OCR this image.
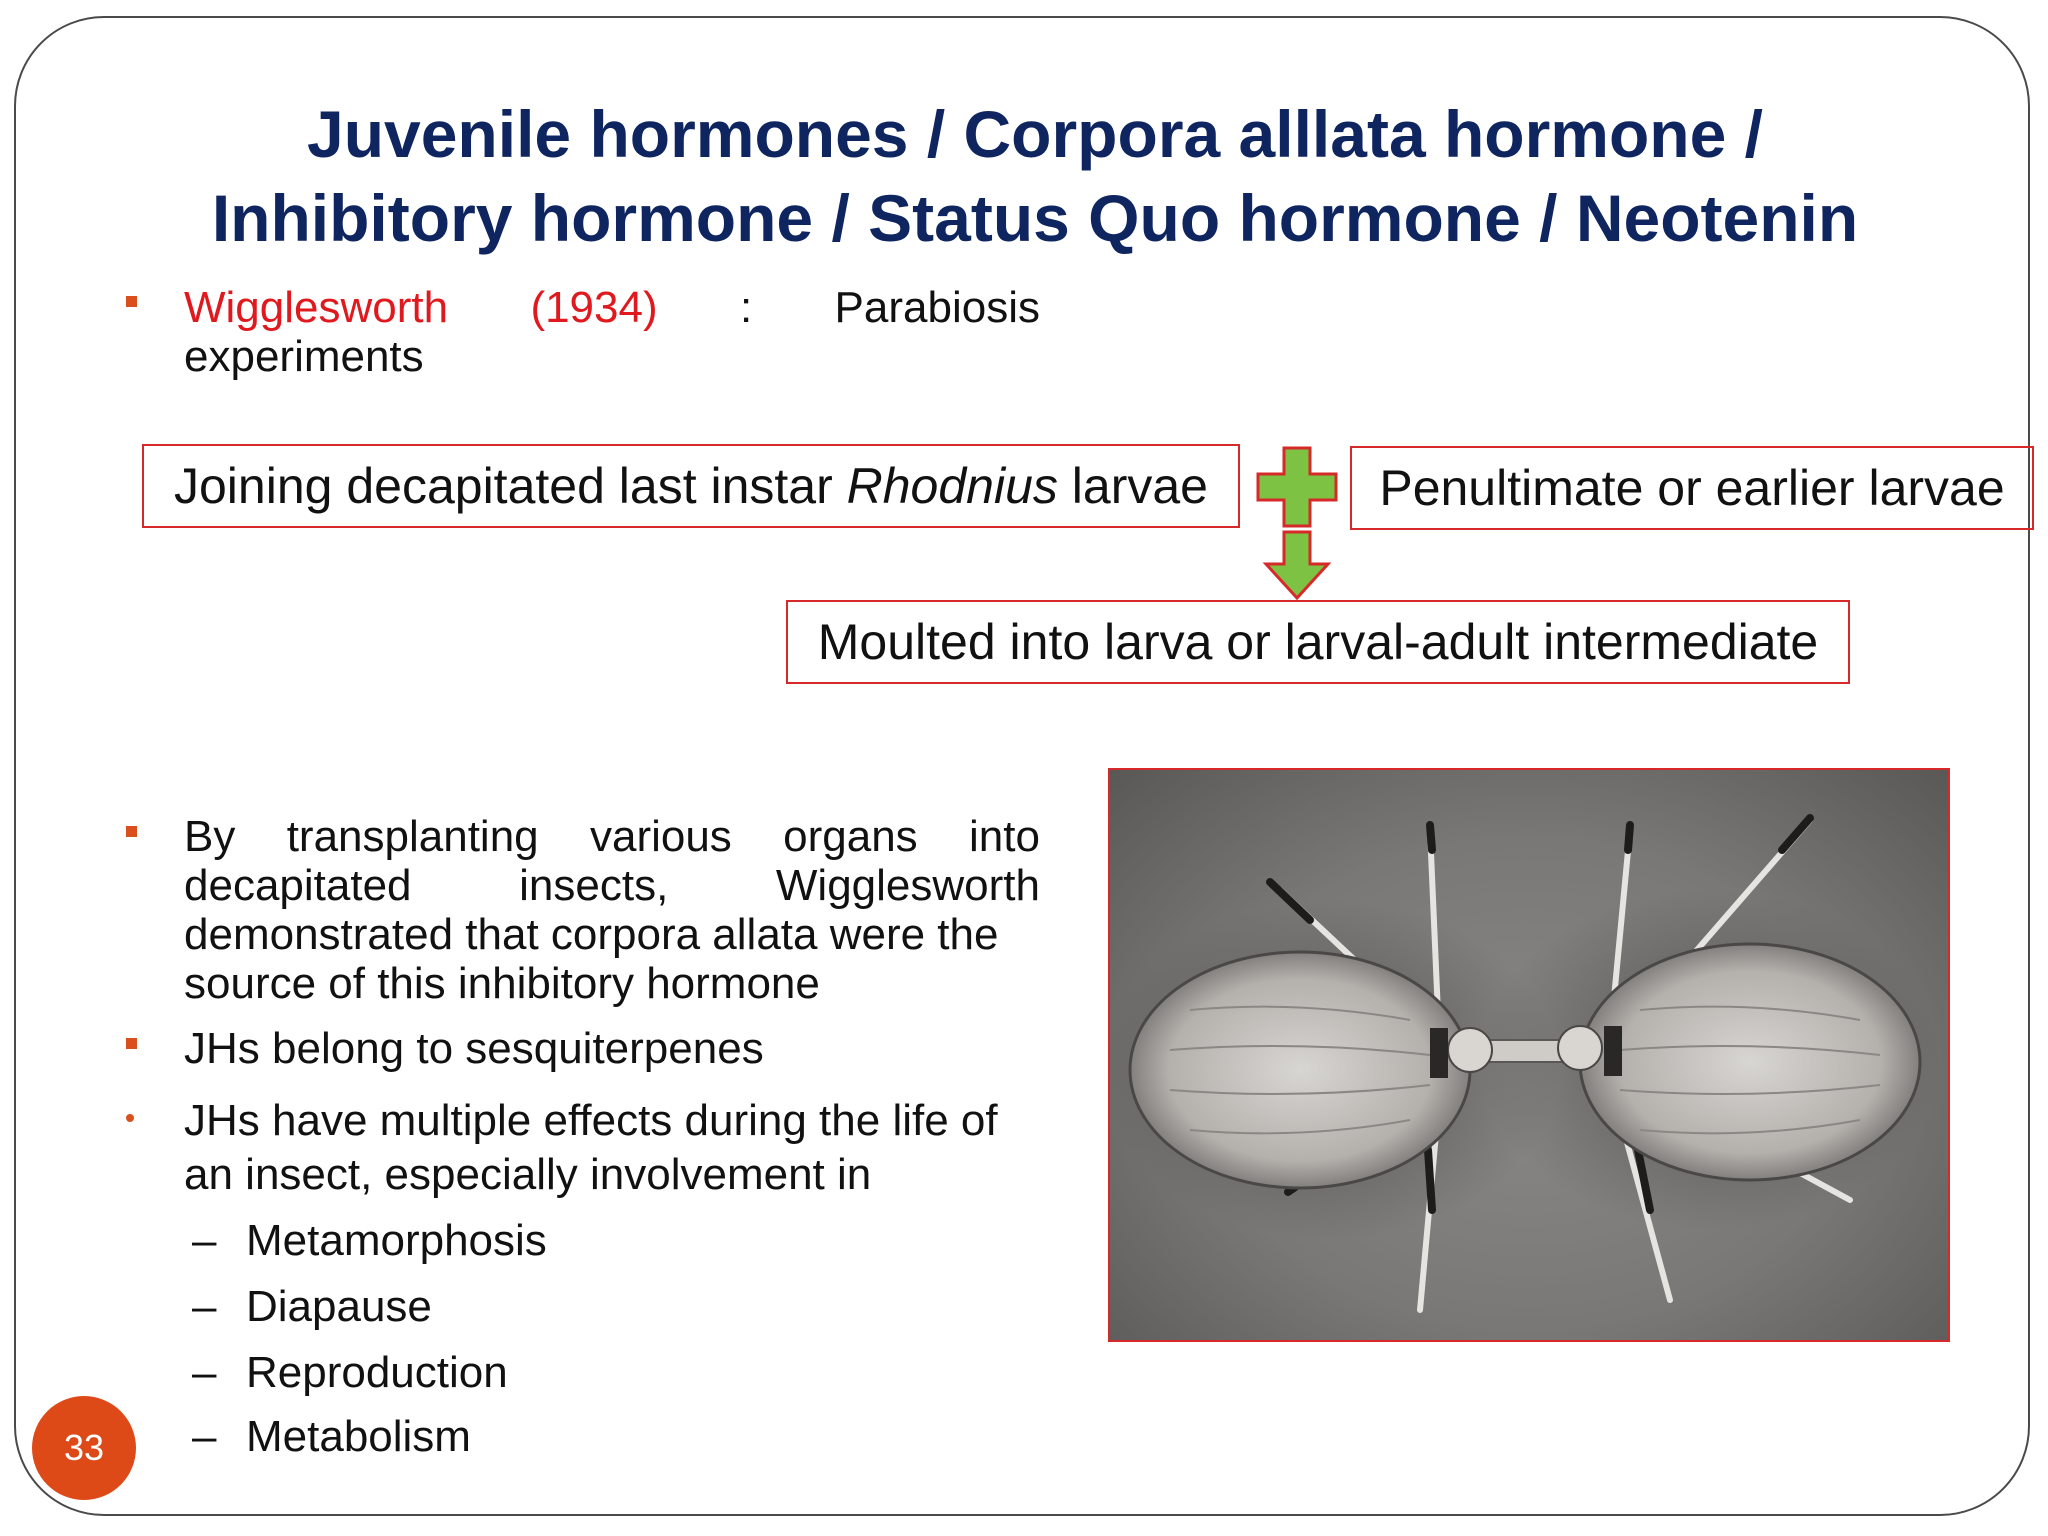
Juvenile hormones / Corpora alllata hormone /
Inhibitory hormone / Status Quo hormone / Neotenin
Wigglesworth (1934) : Parabiosis
experiments
Joining decapitated last instar Rhodnius larvae	Penultimate or earlier larvae
Moulted into larva or larval-adult intermediate
By transplanting various organs into
decapitated insects, Wigglesworth
demonstrated that corpora allata were the
source of this inhibitory hormone
JHs belong to sesquiterpenes
JHs have multiple effects during the life of
an insect, especially involvement in
– Metamorphosis
– Diapause
– Reproduction
– Metabolism
33
